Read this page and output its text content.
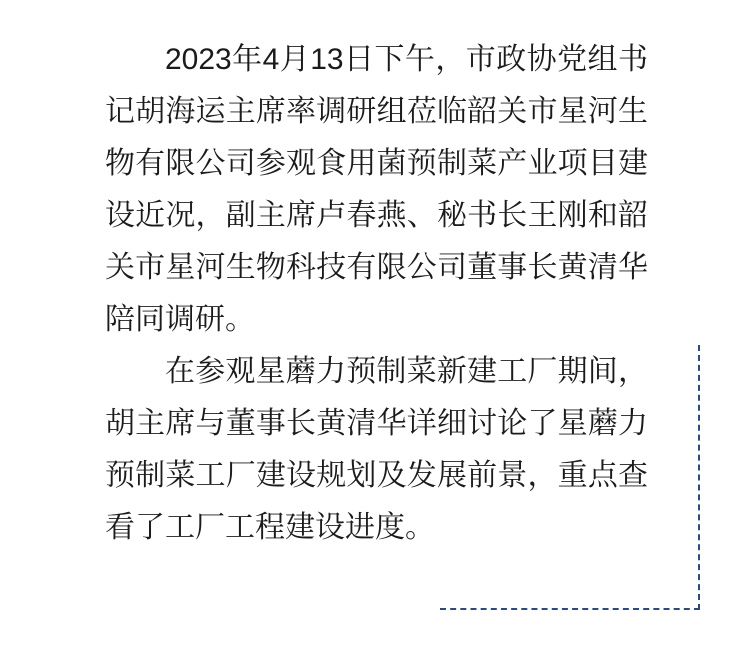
2023年4月13日下午，市政协党组书记胡海运主席率调研组莅临韶关市星河生物有限公司参观食用菌预制菜产业项目建设近况，副主席卢春燕、秘书长王刚和韶关市星河生物科技有限公司董事长黄清华陪同调研。

在参观星蘑力预制菜新建工厂期间，胡主席与董事长黄清华详细讨论了星蘑力预制菜工厂建设规划及发展前景，重点查看了工厂工程建设进度。
